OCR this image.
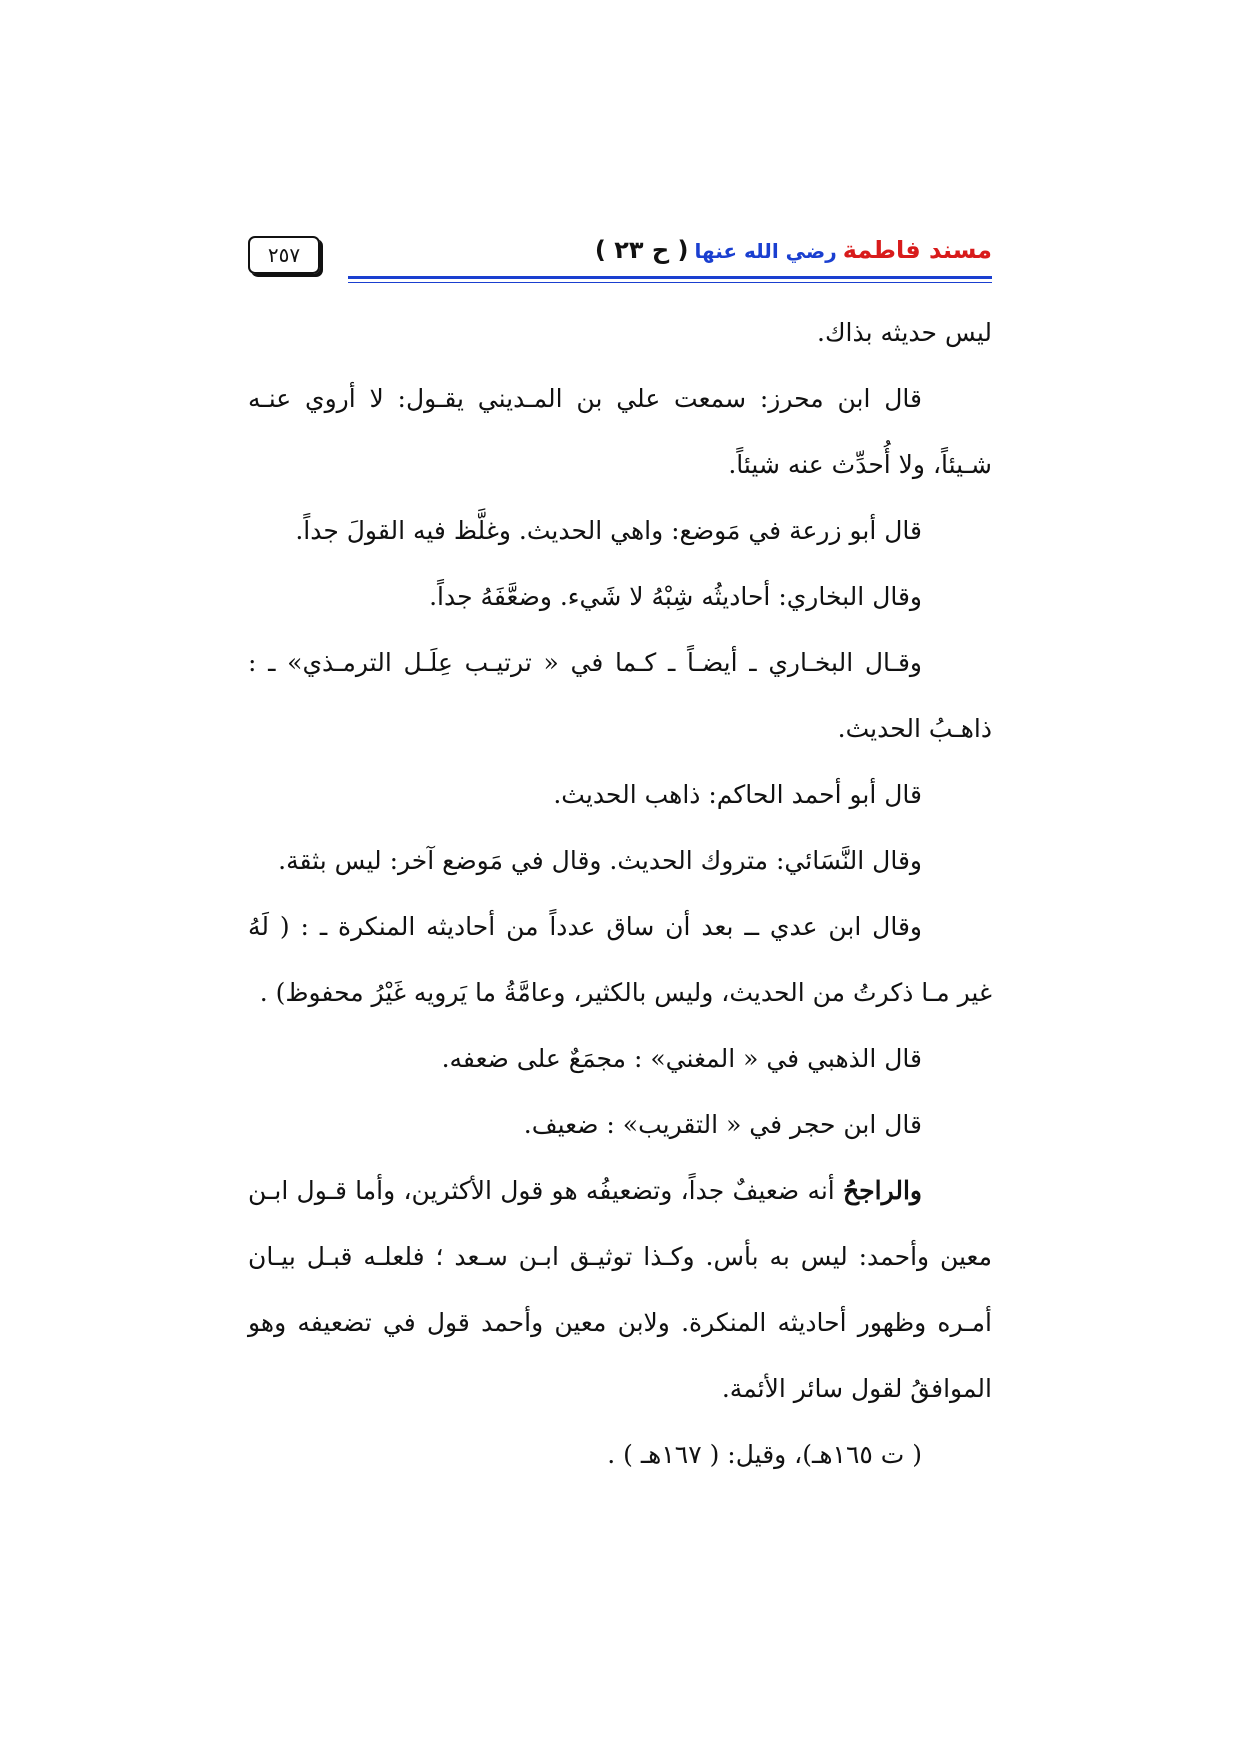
مسند فاطمةرضي الله عنها( ح ٢٣ )
٢٥٧

ليس حديثه بذاك.

قال ابن محرز: سمعت علي بن المـديني يقـول: لا أروي عنـه شـيئاً، ولا أُحدِّث عنه شيئاً.

قال أبو زرعة في مَوضع: واهي الحديث. وغلَّظ فيه القولَ جداً.

وقال البخاري: أحاديثُه شِبْهُ لا شَيء. وضعَّفَهُ جداً.

وقـال البخـاري ـ أيضـاً ـ كـما في « ترتيـب عِلَـل الترمـذي» ـ : ذاهـبُ الحديث.

قال أبو أحمد الحاكم: ذاهب الحديث.

وقال النَّسَائي: متروك الحديث. وقال في مَوضع آخر: ليس بثقة.

وقال ابن عدي ــ بعد أن ساق عدداً من أحاديثه المنكرة ـ : ( لَهُ غير مـا ذكرتُ من الحديث، وليس بالكثير، وعامَّةُ ما يَرويه غَيْرُ محفوظ) .

قال الذهبي في « المغني» : مجمَعٌ على ضعفه.

قال ابن حجر في « التقريب» : ضعيف.

والراجحُ أنه ضعيفٌ جداً، وتضعيفُه هو قول الأكثرين، وأما قـول ابـن معين وأحمد: ليس به بأس. وكـذا توثيـق ابـن سـعد ؛ فلعلـه قبـل بيـان أمـره وظهور أحاديثه المنكرة. ولابن معين وأحمد قول في تضعيفه وهو الموافقُ لقول سائر الأئمة.

( ت ١٦٥هـ)، وقيل: ( ١٦٧هـ ) .
